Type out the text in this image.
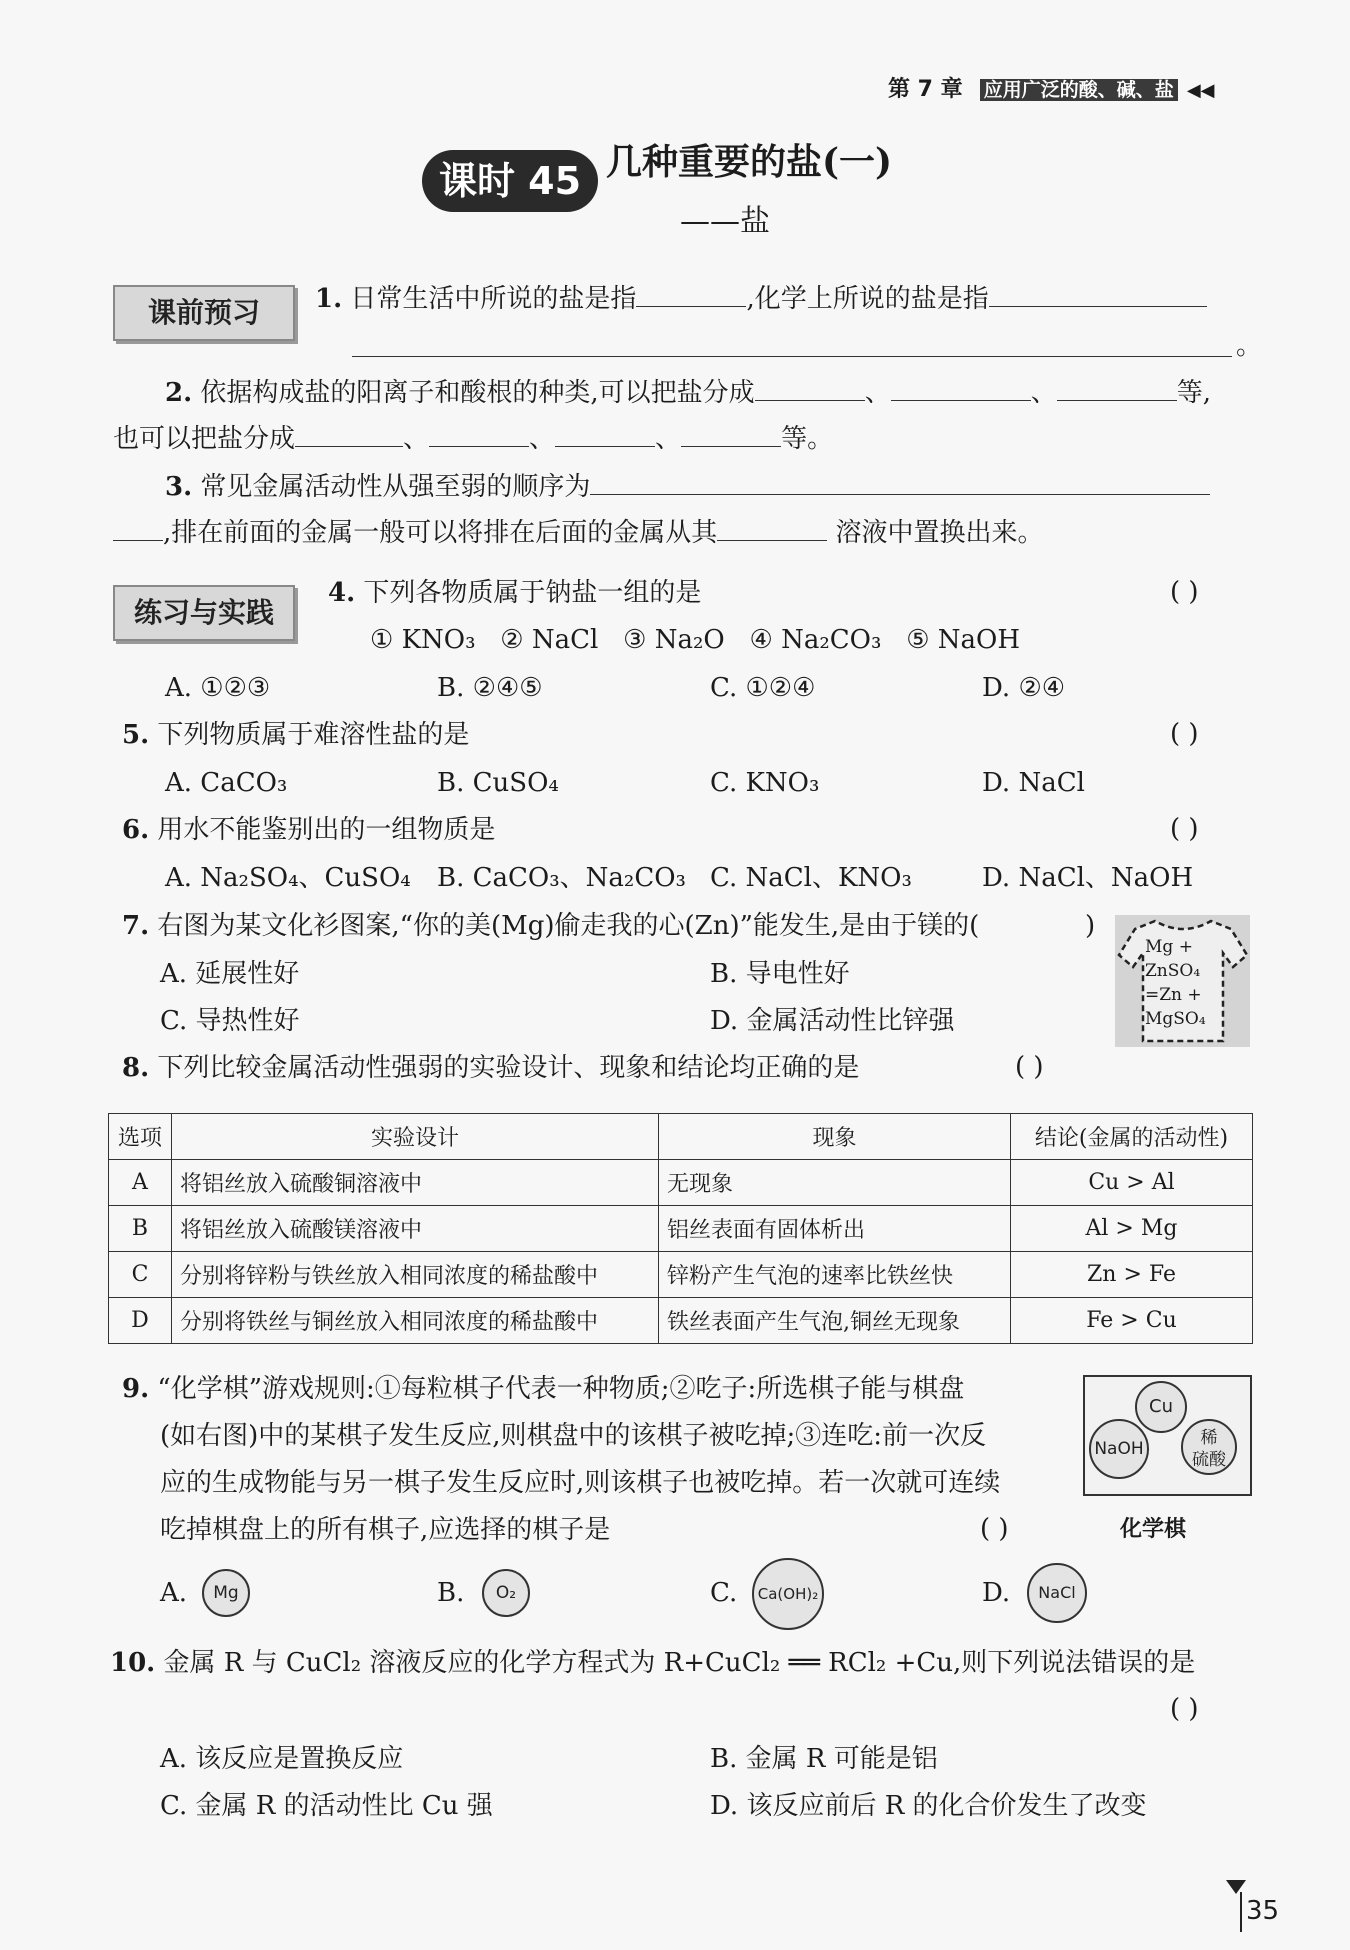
第 7 章 应用广泛的酸、碱、盐 ◀◀
课时 45 几种重要的盐(一)
——盐
课前预习	1. 日常生活中所说的盐是指	,化学上所说的盐是指
。
2. 依据构成盐的阳离子和酸根的种类,可以把盐分成	、	、	等,
也可以把盐分成	、	、	、	等。
3. 常见金属活动性从强至弱的顺序为
,排在前面的金属一般可以将排在后面的金属从其	溶液中置换出来。
练习与实践
4. 下列各物质属于钠盐一组的是	( )
① KNO₃ ② NaCl ③ Na₂O ④ Na₂CO₃ ⑤ NaOH
A. ①②③	B. ②④⑤	C. ①②④	D. ②④
5. 下列物质属于难溶性盐的是	( )
A. CaCO₃	B. CuSO₄	C. KNO₃	D. NaCl
6. 用水不能鉴别出的一组物质是	( )
A. Na₂SO₄、CuSO₄ B. CaCO₃、Na₂CO₃ C. NaCl、KNO₃	D. NaCl、NaOH
7. 右图为某文化衫图案,“你的美(Mg)偷走我的心(Zn)”能发生,是由于镁的(	)
A. 延展性好	B. 导电性好
C. 导热性好	D. 金属活动性比锌强
Mg +
ZnSO₄
=Zn +
MgSO₄
8. 下列比较金属活动性强弱的实验设计、现象和结论均正确的是	( )
选项	实验设计	现象	结论(金属的活动性)
A	将铝丝放入硫酸铜溶液中	无现象	Cu > Al
B	将铝丝放入硫酸镁溶液中	铝丝表面有固体析出	Al > Mg
C	分别将锌粉与铁丝放入相同浓度的稀盐酸中	锌粉产生气泡的速率比铁丝快	Zn > Fe
D	分别将铁丝与铜丝放入相同浓度的稀盐酸中	铁丝表面产生气泡,铜丝无现象	Fe > Cu
9. “化学棋”游戏规则:①每粒棋子代表一种物质;②吃子:所选棋子能与棋盘
(如右图)中的某棋子发生反应,则棋盘中的该棋子被吃掉;③连吃:前一次反
应的生成物能与另一棋子发生反应时,则该棋子也被吃掉。若一次就可连续
吃掉棋盘上的所有棋子,应选择的棋子是	( )
Cu
NaOH
稀
硫酸
化学棋
A.	Mg	B.	O₂	C.	Ca(OH)₂	D.	NaCl
10. 金属 R 与 CuCl₂ 溶液反应的化学方程式为 R+CuCl₂ ══ RCl₂ +Cu,则下列说法错误的是
( )
A. 该反应是置换反应	B. 金属 R 可能是铝
C. 金属 R 的活动性比 Cu 强	D. 该反应前后 R 的化合价发生了改变
35
